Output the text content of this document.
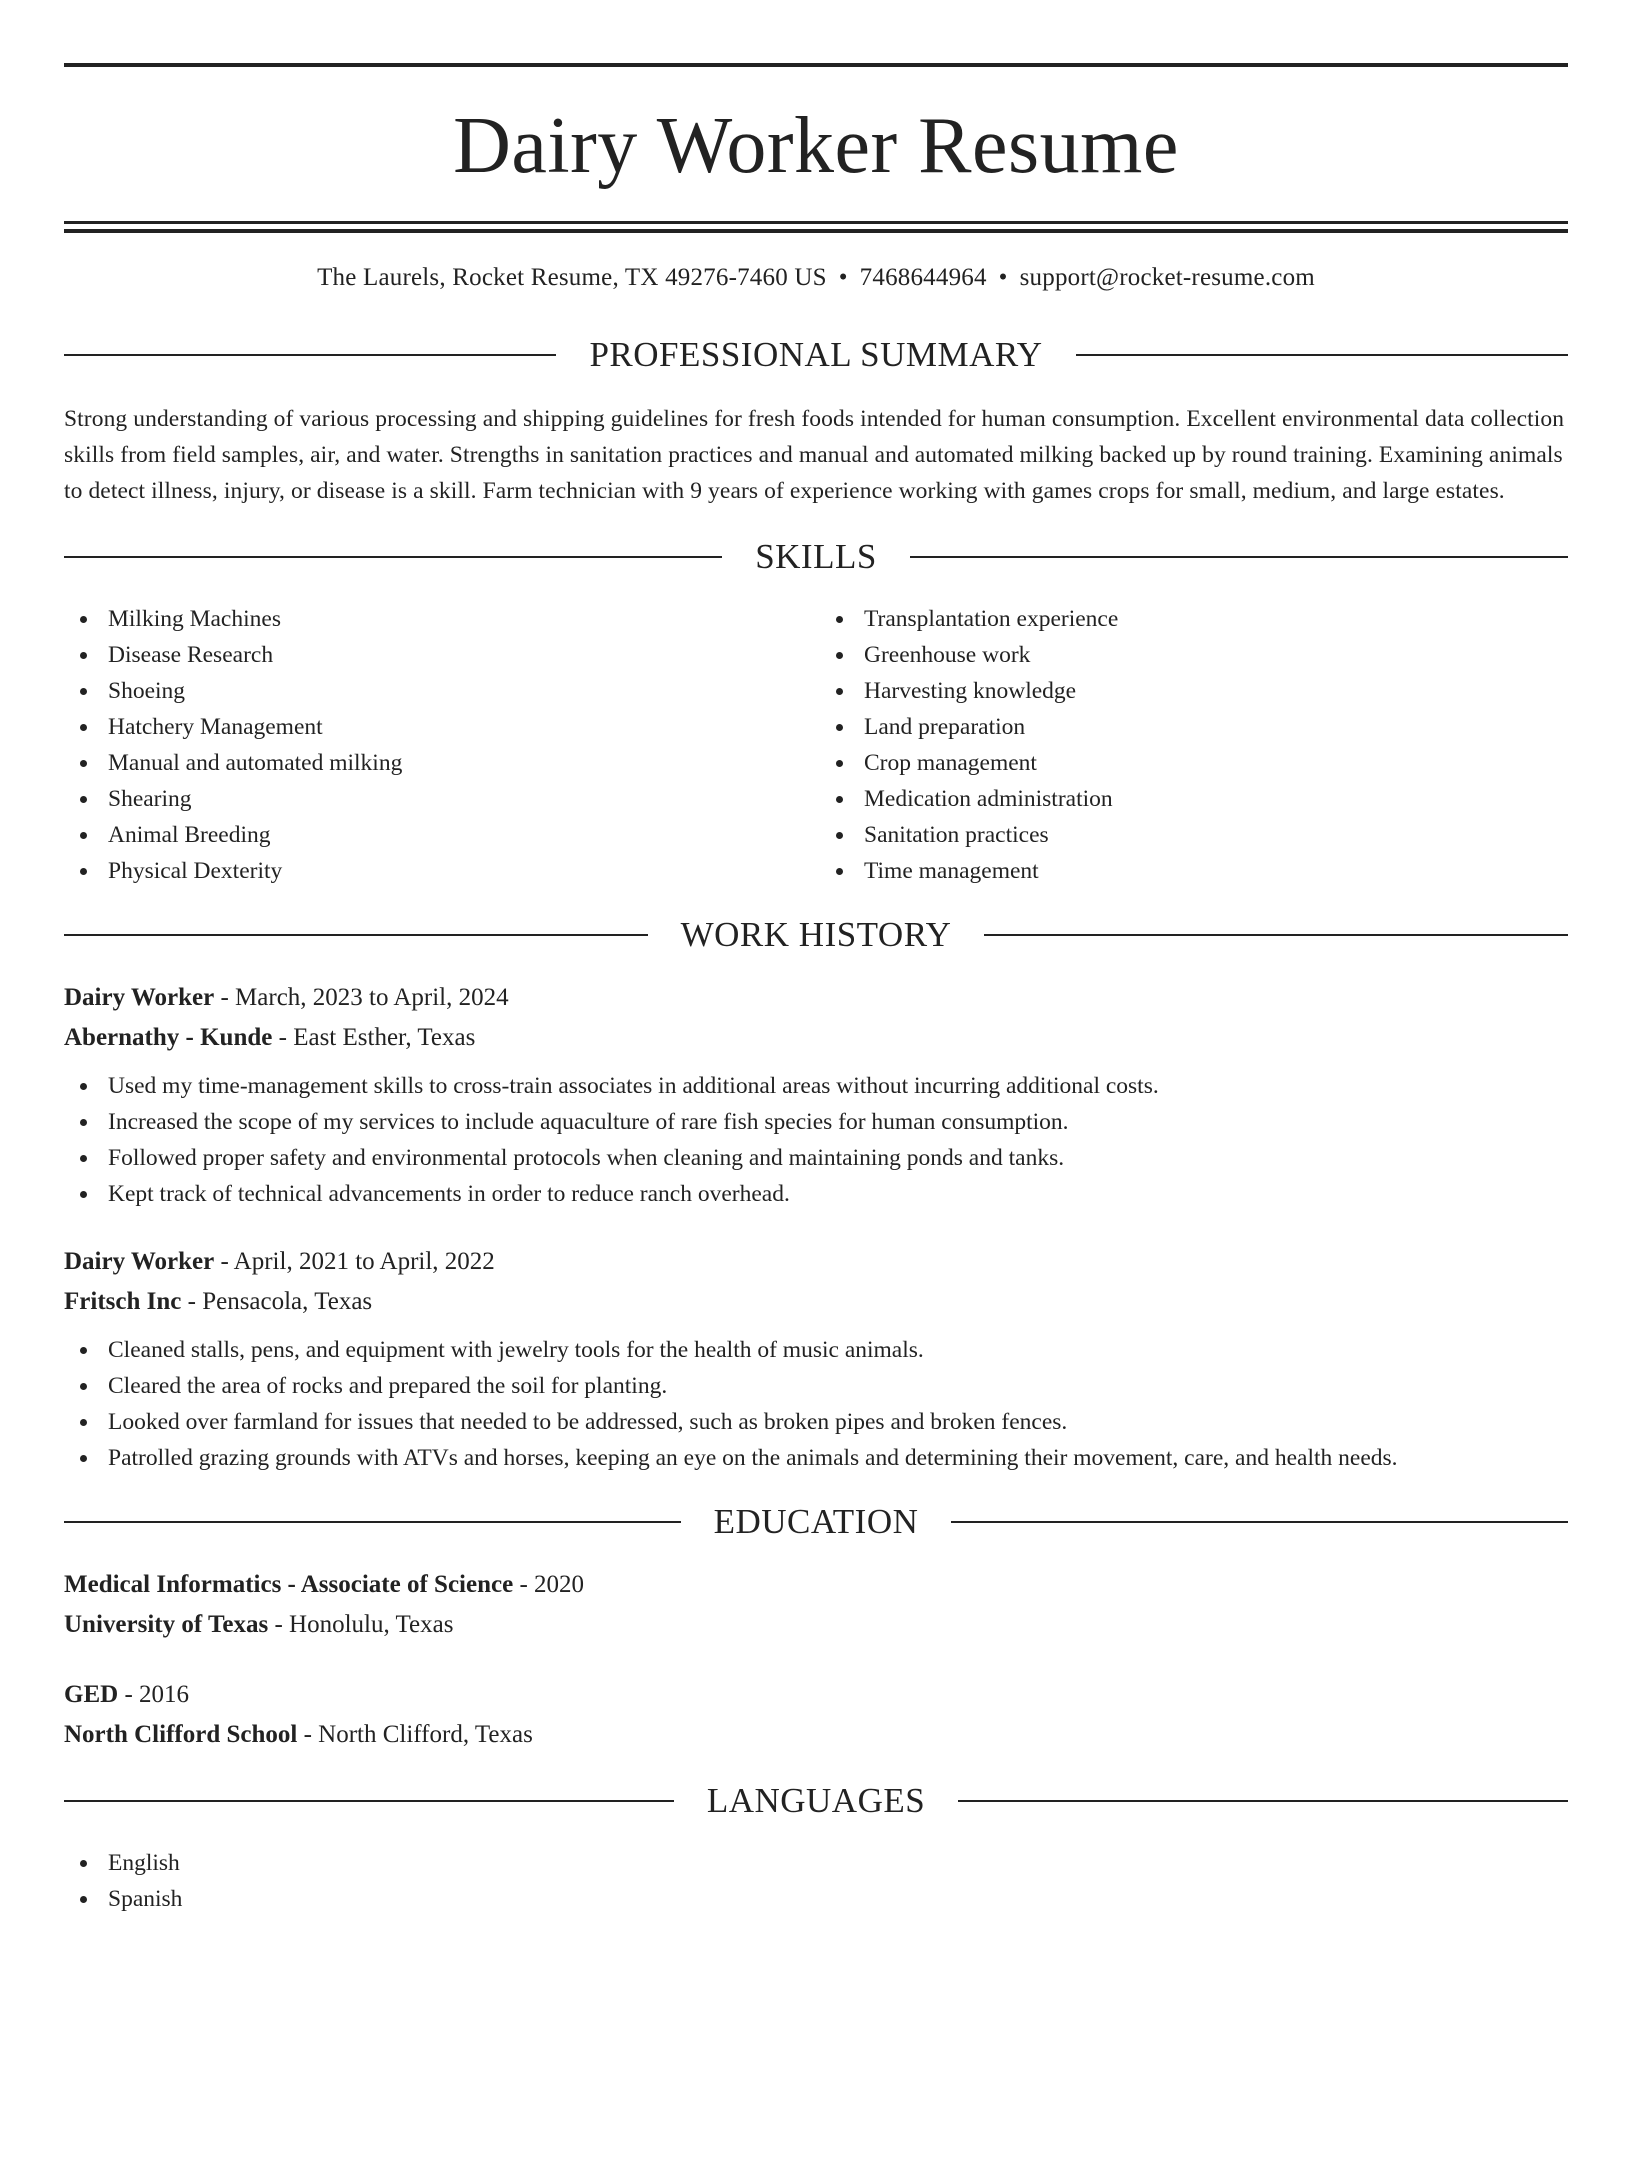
Dairy Worker Resume
The Laurels, Rocket Resume, TX 49276-7460 US • 7468644964 • support@rocket-resume.com
PROFESSIONAL SUMMARY

Strong understanding of various processing and shipping guidelines for fresh foods intended for human consumption. Excellent environmental data collection skills from field samples, air, and water. Strengths in sanitation practices and manual and automated milking backed up by round training. Examining animals to detect illness, injury, or disease is a skill. Farm technician with 9 years of experience working with games crops for small, medium, and large estates.

SKILLS
Milking Machines
Disease Research
Shoeing
Hatchery Management
Manual and automated milking
Shearing
Animal Breeding
Physical Dexterity
Transplantation experience
Greenhouse work
Harvesting knowledge
Land preparation
Crop management
Medication administration
Sanitation practices
Time management
WORK HISTORY
Dairy Worker - March, 2023 to April, 2024
Abernathy - Kunde - East Esther, Texas
Used my time-management skills to cross-train associates in additional areas without incurring additional costs.
Increased the scope of my services to include aquaculture of rare fish species for human consumption.
Followed proper safety and environmental protocols when cleaning and maintaining ponds and tanks.
Kept track of technical advancements in order to reduce ranch overhead.
Dairy Worker - April, 2021 to April, 2022
Fritsch Inc - Pensacola, Texas
Cleaned stalls, pens, and equipment with jewelry tools for the health of music animals.
Cleared the area of rocks and prepared the soil for planting.
Looked over farmland for issues that needed to be addressed, such as broken pipes and broken fences.
Patrolled grazing grounds with ATVs and horses, keeping an eye on the animals and determining their movement, care, and health needs.
EDUCATION
Medical Informatics - Associate of Science - 2020
University of Texas - Honolulu, Texas
GED - 2016
North Clifford School - North Clifford, Texas
LANGUAGES
English
Spanish
